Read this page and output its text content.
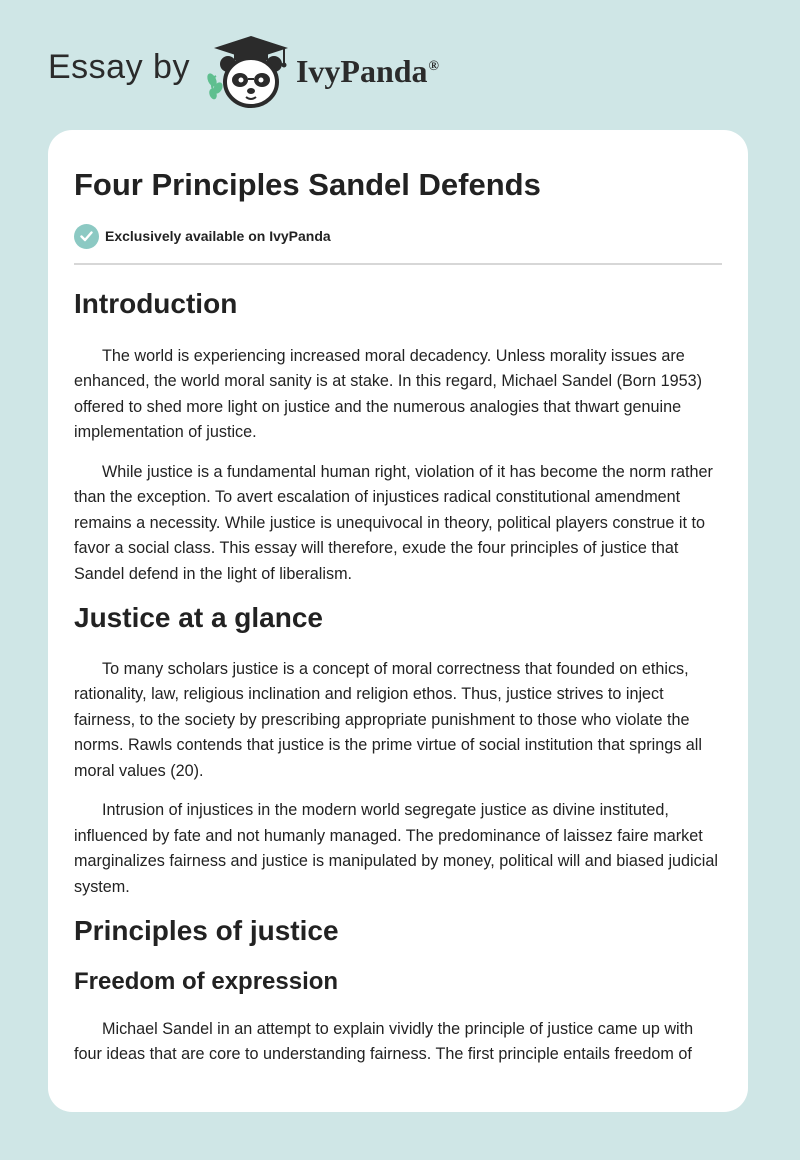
Essay by	IvyPanda®
Four Principles Sandel Defends
Exclusively available on IvyPanda
Introduction

The world is experiencing increased moral decadency. Unless morality issues are enhanced, the world moral sanity is at stake. In this regard, Michael Sandel (Born 1953) offered to shed more light on justice and the numerous analogies that thwart genuine implementation of justice.

While justice is a fundamental human right, violation of it has become the norm rather than the exception. To avert escalation of injustices radical constitutional amendment remains a necessity. While justice is unequivocal in theory, political players construe it to favor a social class. This essay will therefore, exude the four principles of justice that Sandel defend in the light of liberalism.

Justice at a glance

To many scholars justice is a concept of moral correctness that founded on ethics, rationality, law, religious inclination and religion ethos. Thus, justice strives to inject fairness, to the society by prescribing appropriate punishment to those who violate the norms. Rawls contends that justice is the prime virtue of social institution that springs all moral values (20).

Intrusion of injustices in the modern world segregate justice as divine instituted, influenced by fate and not humanly managed. The predominance of laissez faire market marginalizes fairness and justice is manipulated by money, political will and biased judicial system.

Principles of justice
Freedom of expression

Michael Sandel in an attempt to explain vividly the principle of justice came up with four ideas that are core to understanding fairness. The first principle entails freedom of
